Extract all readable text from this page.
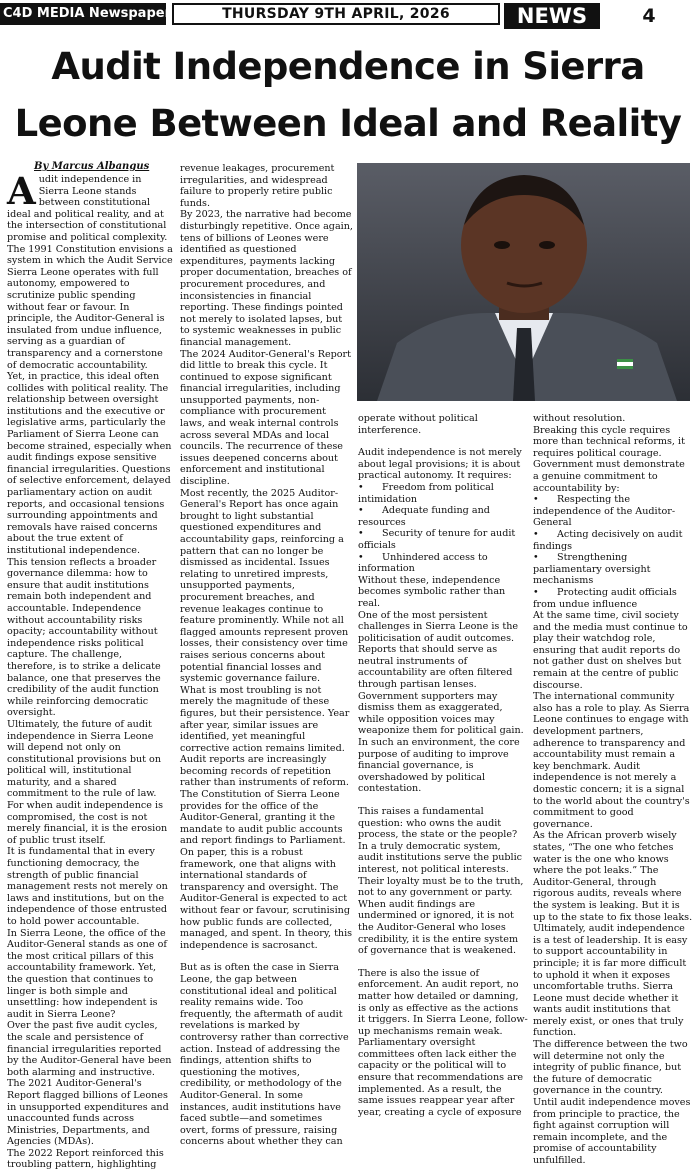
C4D MEDIA Newspaper	THURSDAY 9TH APRIL, 2026	NEWS	4
Audit Independence in Sierra Leone Between Ideal and Reality
By Marcus Albangus
A udit independence in Sierra Leone stands between constitutional ideal and political reality, and at the intersection of constitutional promise and political complexity.

The 1991 Constitution envisions a system in which the Audit Service Sierra Leone operates with full autonomy, empowered to scrutinize public spending without fear or favour. In principle, the Auditor-General is insulated from undue influence, serving as a guardian of transparency and a cornerstone of democratic accountability.

Yet, in practice, this ideal often collides with political reality. The relationship between oversight institutions and the executive or legislative arms, particularly the Parliament of Sierra Leone can become strained, especially when audit findings expose sensitive financial irregularities. Questions of selective enforcement, delayed parliamentary action on audit reports, and occasional tensions surrounding appointments and removals have raised concerns about the true extent of institutional independence.

This tension reflects a broader governance dilemma: how to ensure that audit institutions remain both independent and accountable. Independence without accountability risks opacity; accountability without independence risks political capture. The challenge, therefore, is to strike a delicate balance, one that preserves the credibility of the audit function while reinforcing democratic oversight.

Ultimately, the future of audit independence in Sierra Leone will depend not only on constitutional provisions but on political will, institutional maturity, and a shared commitment to the rule of law. For when audit independence is compromised, the cost is not merely financial, it is the erosion of public trust itself.

It is fundamental that in every functioning democracy, the strength of public financial management rests not merely on laws and institutions, but on the independence of those entrusted to hold power accountable.

In Sierra Leone, the office of the Auditor-General stands as one of the most critical pillars of this accountability framework. Yet, the question that continues to linger is both simple and unsettling: how independent is audit in Sierra Leone?

Over the past five audit cycles, the scale and persistence of financial irregularities reported by the Auditor-General have been both alarming and instructive.

The 2021 Auditor-General's Report flagged billions of Leones in unsupported expenditures and unaccounted funds across Ministries, Departments, and Agencies (MDAs).

The 2022 Report reinforced this troubling pattern, highlighting

revenue leakages, procurement irregularities, and widespread failure to properly retire public funds.

By 2023, the narrative had become disturbingly repetitive. Once again, tens of billions of Leones were identified as questioned expenditures, payments lacking proper documentation, breaches of procurement procedures, and inconsistencies in financial reporting. These findings pointed not merely to isolated lapses, but to systemic weaknesses in public financial management.

The 2024 Auditor-General's Report did little to break this cycle. It continued to expose significant financial irregularities, including unsupported payments, non-compliance with procurement laws, and weak internal controls across several MDAs and local councils. The recurrence of these issues deepened concerns about enforcement and institutional discipline.

Most recently, the 2025 Auditor-General's Report has once again brought to light substantial questioned expenditures and accountability gaps, reinforcing a pattern that can no longer be dismissed as incidental. Issues relating to unretired imprests, unsupported payments, procurement breaches, and revenue leakages continue to feature prominently. While not all flagged amounts represent proven losses, their consistency over time raises serious concerns about potential financial losses and systemic governance failure.

What is most troubling is not merely the magnitude of these figures, but their persistence. Year after year, similar issues are identified, yet meaningful corrective action remains limited. Audit reports are increasingly becoming records of repetition rather than instruments of reform.

The Constitution of Sierra Leone provides for the office of the Auditor-General, granting it the mandate to audit public accounts and report findings to Parliament. On paper, this is a robust framework, one that aligns with international standards of transparency and oversight. The Auditor-General is expected to act without fear or favour, scrutinising how public funds are collected, managed, and spent. In theory, this independence is sacrosanct.

But as is often the case in Sierra Leone, the gap between constitutional ideal and political reality remains wide. Too frequently, the aftermath of audit revelations is marked by controversy rather than corrective action. Instead of addressing the findings, attention shifts to questioning the motives, credibility, or methodology of the Auditor-General. In some instances, audit institutions have faced subtle—and sometimes overt, forms of pressure, raising concerns about whether they can

operate without political interference.

Audit independence is not merely about legal provisions; it is about practical autonomy. It requires:

• Freedom from political intimidation

• Adequate funding and resources

• Security of tenure for audit officials

• Unhindered access to information

Without these, independence becomes symbolic rather than real.

One of the most persistent challenges in Sierra Leone is the politicisation of audit outcomes. Reports that should serve as neutral instruments of accountability are often filtered through partisan lenses. Government supporters may dismiss them as exaggerated, while opposition voices may weaponize them for political gain. In such an environment, the core purpose of auditing to improve financial governance, is overshadowed by political contestation.

This raises a fundamental question: who owns the audit process, the state or the people? In a truly democratic system, audit institutions serve the public interest, not political interests. Their loyalty must be to the truth, not to any government or party. When audit findings are undermined or ignored, it is not the Auditor-General who loses credibility, it is the entire system of governance that is weakened.

There is also the issue of enforcement. An audit report, no matter how detailed or damning, is only as effective as the actions it triggers. In Sierra Leone, follow-up mechanisms remain weak. Parliamentary oversight committees often lack either the capacity or the political will to ensure that recommendations are implemented. As a result, the same issues reappear year after year, creating a cycle of exposure

without resolution.

Breaking this cycle requires more than technical reforms, it requires political courage. Government must demonstrate a genuine commitment to accountability by:

• Respecting the independence of the Auditor-General

• Acting decisively on audit findings

• Strengthening parliamentary oversight mechanisms

• Protecting audit officials from undue influence

At the same time, civil society and the media must continue to play their watchdog role, ensuring that audit reports do not gather dust on shelves but remain at the centre of public discourse.

The international community also has a role to play. As Sierra Leone continues to engage with development partners, adherence to transparency and accountability must remain a key benchmark. Audit independence is not merely a domestic concern; it is a signal to the world about the country's commitment to good governance.

As the African proverb wisely states, “The one who fetches water is the one who knows where the pot leaks.” The Auditor-General, through rigorous audits, reveals where the system is leaking. But it is up to the state to fix those leaks.

Ultimately, audit independence is a test of leadership. It is easy to support accountability in principle; it is far more difficult to uphold it when it exposes uncomfortable truths. Sierra Leone must decide whether it wants audit institutions that merely exist, or ones that truly function.

The difference between the two will determine not only the integrity of public finance, but the future of democratic governance in the country.

Until audit independence moves from principle to practice, the fight against corruption will remain incomplete, and the promise of accountability unfulfilled.
